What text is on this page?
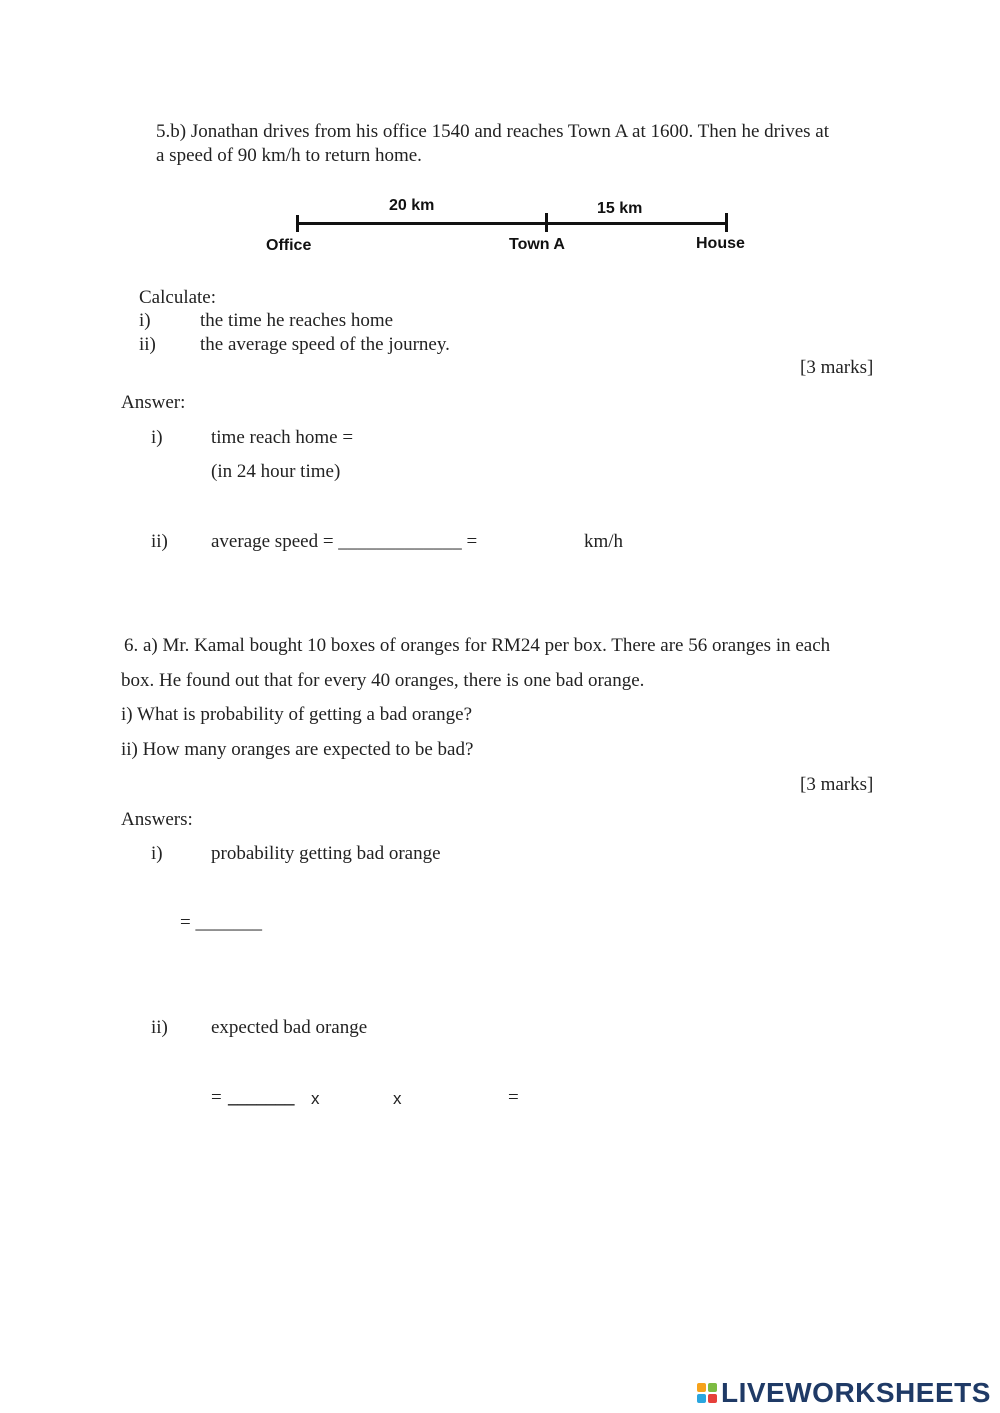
5.b) Jonathan drives from his office 1540 and reaches Town A at 1600. Then he drives at
a speed of 90 km/h to return home.
20 km	15 km
Office	Town A	House
Calculate:
i)	the time he reaches home
ii) the average speed of the journey.
[3 marks]
Answer:
i)	time reach home =
(in 24 hour time)
ii) average speed = _____________ =	km/h
6. a) Mr. Kamal bought 10 boxes of oranges for RM24 per box. There are 56 oranges in each
box. He found out that for every 40 oranges, there is one bad orange.
i) What is probability of getting a bad orange?
ii) How many oranges are expected to be bad?
[3 marks]
Answers:
i)	probability getting bad orange
= _______
ii) expected bad orange
= _______ x	x	=
LIVEWORKSHEETS
